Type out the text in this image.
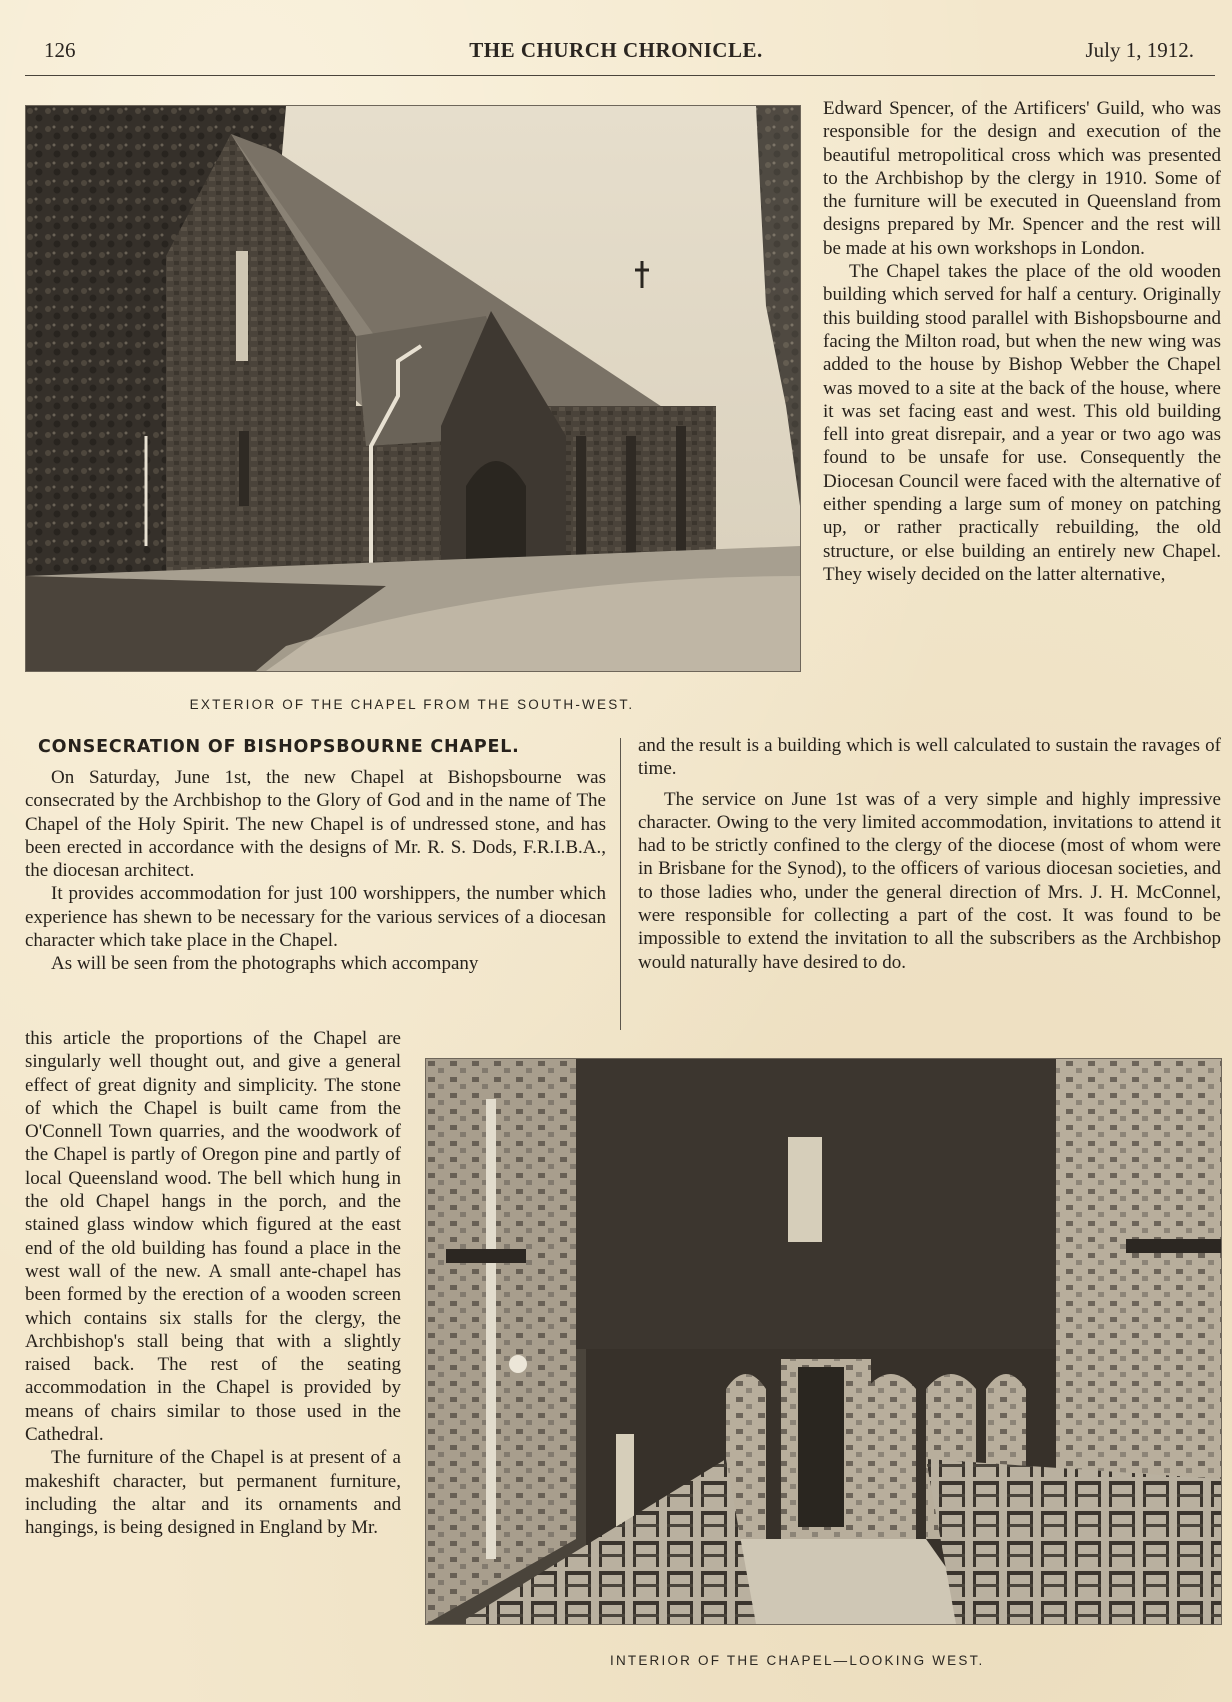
126	THE CHURCH CHRONICLE.	July 1, 1912.
EXTERIOR OF THE CHAPEL FROM THE SOUTH-WEST.

Edward Spencer, of the Artificers' Guild, who was responsible for the design and execution of the beautiful metropolitical cross which was presented to the Archbishop by the clergy in 1910. Some of the furniture will be executed in Queensland from designs prepared by Mr. Spencer and the rest will be made at his own workshops in London.

The Chapel takes the place of the old wooden building which served for half a century. Originally this building stood parallel with Bishopsbourne and facing the Milton road, but when the new wing was added to the house by Bishop Webber the Chapel was moved to a site at the back of the house, where it was set facing east and west. This old building fell into great disrepair, and a year or two ago was found to be unsafe for use. Consequently the Diocesan Council were faced with the alternative of either spending a large sum of money on patching up, or rather practically rebuilding, the old structure, or else building an entirely new Chapel. They wisely decided on the latter alternative,

CONSECRATION OF BISHOPSBOURNE CHAPEL.

On Saturday, June 1st, the new Chapel at Bishopsbourne was consecrated by the Archbishop to the Glory of God and in the name of The Chapel of the Holy Spirit. The new Chapel is of undressed stone, and has been erected in accordance with the designs of Mr. R. S. Dods, F.R.I.B.A., the diocesan architect.

It provides accommodation for just 100 worshippers, the number which experience has shewn to be necessary for the various services of a diocesan character which take place in the Chapel.

As will be seen from the photographs which accompany

and the result is a building which is well calculated to sustain the ravages of time.

The service on June 1st was of a very simple and highly impressive character. Owing to the very limited accommodation, invitations to attend it had to be strictly confined to the clergy of the diocese (most of whom were in Brisbane for the Synod), to the officers of various diocesan societies, and to those ladies who, under the general direction of Mrs. J. H. McConnel, were responsible for collecting a part of the cost. It was found to be impossible to extend the invitation to all the subscribers as the Archbishop would naturally have desired to do.

this article the proportions of the Chapel are singularly well thought out, and give a general effect of great dignity and simplicity. The stone of which the Chapel is built came from the O'Connell Town quarries, and the woodwork of the Chapel is partly of Oregon pine and partly of local Queensland wood. The bell which hung in the old Chapel hangs in the porch, and the stained glass window which figured at the east end of the old building has found a place in the west wall of the new. A small ante-chapel has been formed by the erection of a wooden screen which contains six stalls for the clergy, the Archbishop's stall being that with a slightly raised back. The rest of the seating accommodation in the Chapel is provided by means of chairs similar to those used in the Cathedral.

The furniture of the Chapel is at present of a makeshift character, but permanent furniture, including the altar and its ornaments and hangings, is being designed in England by Mr.

INTERIOR OF THE CHAPEL—LOOKING WEST.
